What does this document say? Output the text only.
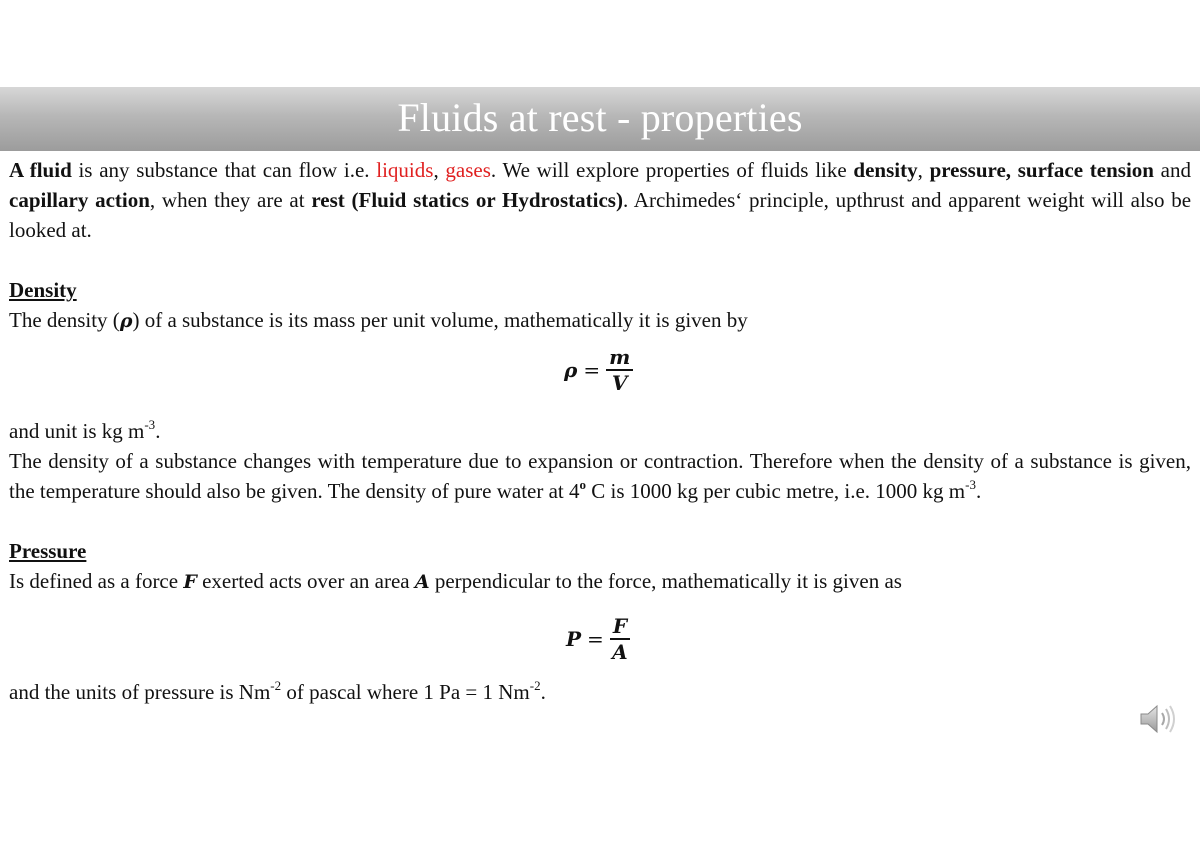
Fluids at rest - properties

A fluid is any substance that can flow i.e. liquids, gases. We will explore properties of fluids like density, pressure, surface tension and capillary action, when they are at rest (Fluid statics or Hydrostatics). Archimedes‘ principle, upthrust and apparent weight will also be looked at.

Density

The density (ρ) of a substance is its mass per unit volume, mathematically it is given by

$\rho = \frac{m}{V}$

and unit is kg $m^{-3}$.

The density of a substance changes with temperature due to expansion or contraction. Therefore when the density of a substance is given, the temperature should also be given. The density of pure water at 4$^o$ C is 1000 kg per cubic metre, i.e. 1000 kg $m^{-3}$.

Pressure

Is defined as a force F exerted acts over an area A perpendicular to the force, mathematically it is given as

$P = \frac{F}{A}$

and the units of pressure is $Nm^{-2}$ of pascal where 1 Pa = 1 $Nm^{-2}$.
